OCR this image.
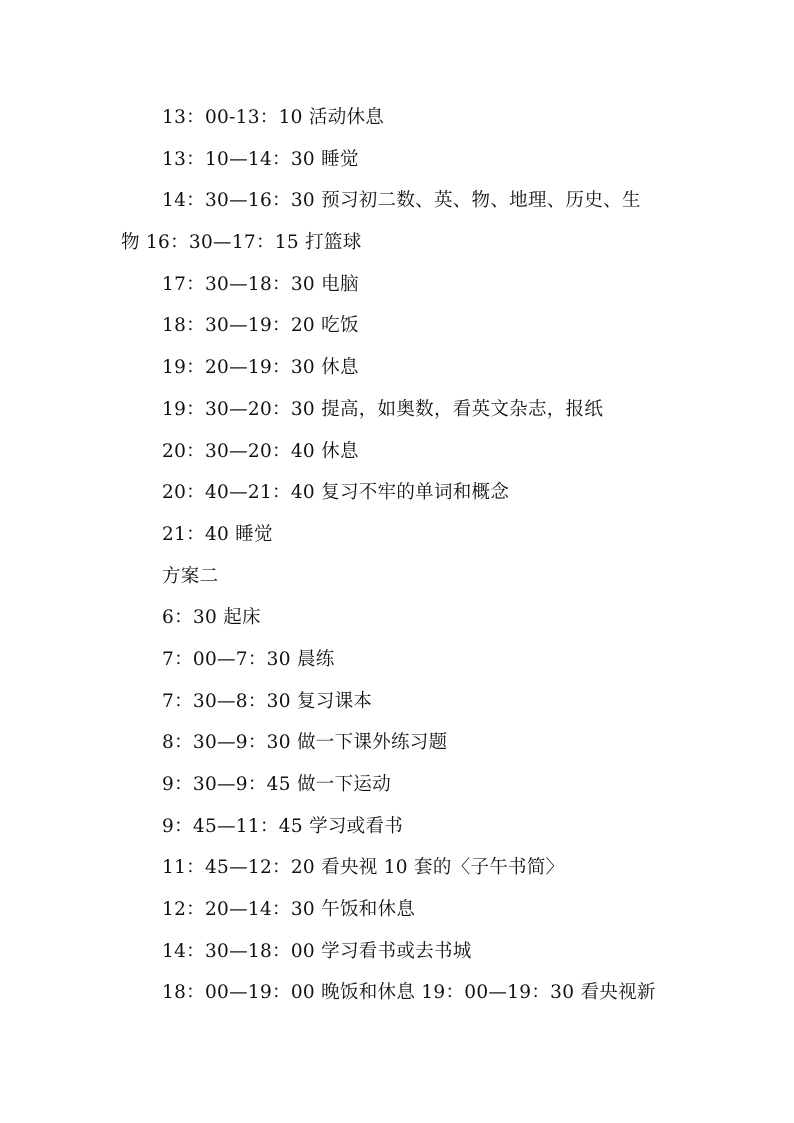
13：00-13：10 活动休息
13：10—14：30 睡觉
14：30—16：30 预习初二数、英、物、地理、历史、生
物 16：30—17：15 打篮球
17：30—18：30 电脑
18：30—19：20 吃饭
19：20—19：30 休息
19：30—20：30 提高，如奥数，看英文杂志，报纸
20：30—20：40 休息
20：40—21：40 复习不牢的单词和概念
21：40 睡觉
方案二
6：30 起床
7：00—7：30 晨练
7：30—8：30 复习课本
8：30—9：30 做一下课外练习题
9：30—9：45 做一下运动
9：45—11：45 学习或看书
11：45—12：20 看央视 10 套的〈子午书简〉
12：20—14：30 午饭和休息
14：30—18：00 学习看书或去书城
18：00—19：00 晚饭和休息 19：00—19：30 看央视新
